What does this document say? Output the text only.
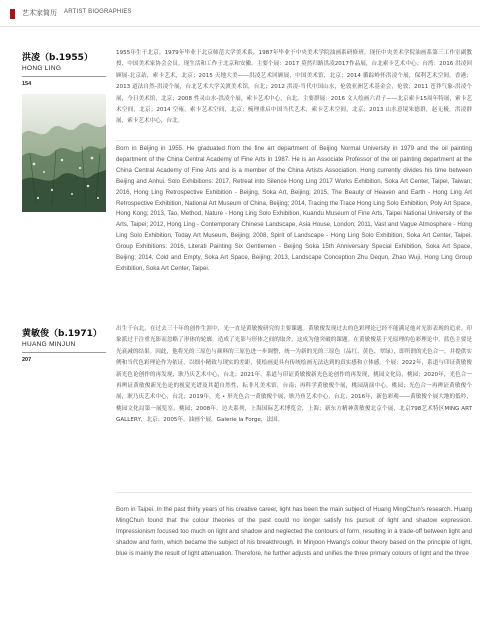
艺术家简历 ARTIST BIOGRAPHIES
洪凌（b.1955）
HONG LING
154

1955年生于北京。1979年毕业于北京师范大学美术系。1987年毕业于中央美术学院油画系研修班。现任中央美术学院油画系第三工作室副教授、中国美术家协会会员。现生活和工作于北京和安徽。主要个展：2017 莫然归路洪凌2017作品展，台北索卡艺术中心；台湾：2016 洪凌回顾展-北京站，索卡艺术，北京；2015 天地大美——洪凌艺术回顾展，中国美术馆，北京；2014 循踪岭怀洪凌个展，保利艺术空间，香港；2013 道法自然-洪凌个展，台北艺术大学关渡美术馆，台北；2012 洪凌-当代中国山水，伦敦亚洲艺术基金会，伦敦；2011 苍莽气象-洪凌个展，今日美术馆，北京；2008 性灵山水-洪凌个展，索卡艺术中心，台北。主要群展：2016 文人绘画六君子——北京索卡15周年特展，索卡艺术空间，北京；2014 空雍，索卡艺术空间，北京；梳理重启中国当代艺术，索卡艺术空间，北京；2013 山水意境朱德群，赵无极，洪凌群展，索卡艺术中心，台北。

Born in Beijing in 1955. He graduated from the fine art department of Beijing Normal University in 1979 and the oil painting department of the China Central Academy of Fine Arts in 1987. He is an Associate Professor of the oil painting department at the China Central Academy of Fine Arts and is a member of the China Artists Association. Hong currently divides his time between Beijing and Anhui. Solo Exhibitions: 2017, Retreat into Silence Hong Ling 2017 Works Exhibition, Soka Art Center, Taipei, Taiwan; 2016, Hong Ling Retrospective Exhibition - Beijing, Soka Art, Beijing; 2015, The Beauty of Heaven and Earth - Hong Ling Art Retrospective Exhibition, National Art Museum of China, Beijing; 2014, Tracing the Trace Hong Ling Solo Exhibition, Poly Art Space, Hong Kong; 2013, Tao, Method, Nature - Hong Ling Solo Exhibition, Kuandu Museum of Fine Arts, Taipei National University of the Arts, Taipei; 2012, Hong Ling - Contemporary Chinese Landscape, Asia House, London; 2011, Vast and Vague Atmosphere - Hong Ling Solo Exhibition, Today Art Museum, Beijing; 2008, Spirit of Landscape - Hong Ling Solo Exhibition, Soka Art Center, Taipei. Group Exhibitions: 2016, Literati Painting Six Gentlemen - Beijing Soka 15th Anniversary Special Exhibition, Soka Art Space, Beijing; 2014, Cold and Empty, Soka Art Space, Beijing; 2013, Landscape Conception Zhu Dequn, Zhao Wuji, Hong Ling Group Exhibition, Soka Art Center, Taipei.

黄敏俊（b.1971）
HUANG MINJUN
207

出生于台北，在过去三十年的创作生涯中，光一直是黄敏俊研究的主要课题。黄敏俊发现过去的色彩理论已经不能满足他对光影表现的追求。印象派过于注重光影而忽略了形体的轮廓，造成了光影与形体之间的取舍。这成为他突破的课题。在黄敏俊基于光原理的色彩理论中，蓝色主要是光衰减的结果。因此，他将光的三原色与颜料的三原色进一步调整，统一为新的光的三原色（品红、黄色、翠绿），即所谓的光色合一，并提供实例和当代色彩理论作为依证，以细小精致与现实的差距，使绘画更具有传统绘画无法达到的真实感和立体感。个展：2022年，系道与印证黄敏俊新光色论创作的再发现，耿乃庆艺术中心，台北；2021年，系道与印证黄敏俊新光色论创作的再发现，桃园文化局，桃园；2020年，光色合一再辨证黄敏俊新光色论的视觉光谱及其超自然性，耘非凡美术馆，台南；再科学黄敏俊个展，桃园葫演中心，桃园；光色合一再辨证黄敏俊个展，耿乃庆艺术中心，台北；2019年，光 • 形光色合一黄敏俊个展，耿乃鱼艺术中心，台北；2016年，新色彩观——黄敏俊个展大地的低吟，桃园文化局第一展览室，桃园；2008年，边夫系列，上海国际艺术博览会，上海；新东方精神黄敏俊北京个展，北京798艺术特区MING ART GALLERY，北京；2005年，油画个展，Galerie la Forge，法国。

Born in Taipei. In the past thirty years of his creative career, light has been the main subject of Huang MingChun's research. Huang MingChun found that the colour theories of the past could no longer satisfy his pursuit of light and shadow expression. Impressionism focused too much on light and shadow and neglected the contours of form, resulting in a trade-off between light and shadow and form, which became the subject of his breakthrough. In Minjoon Hwang's colour theory based on the principle of light, blue is mainly the result of light attenuation. Therefore, he further adjusts and unifies the three primary colours of light and the three
